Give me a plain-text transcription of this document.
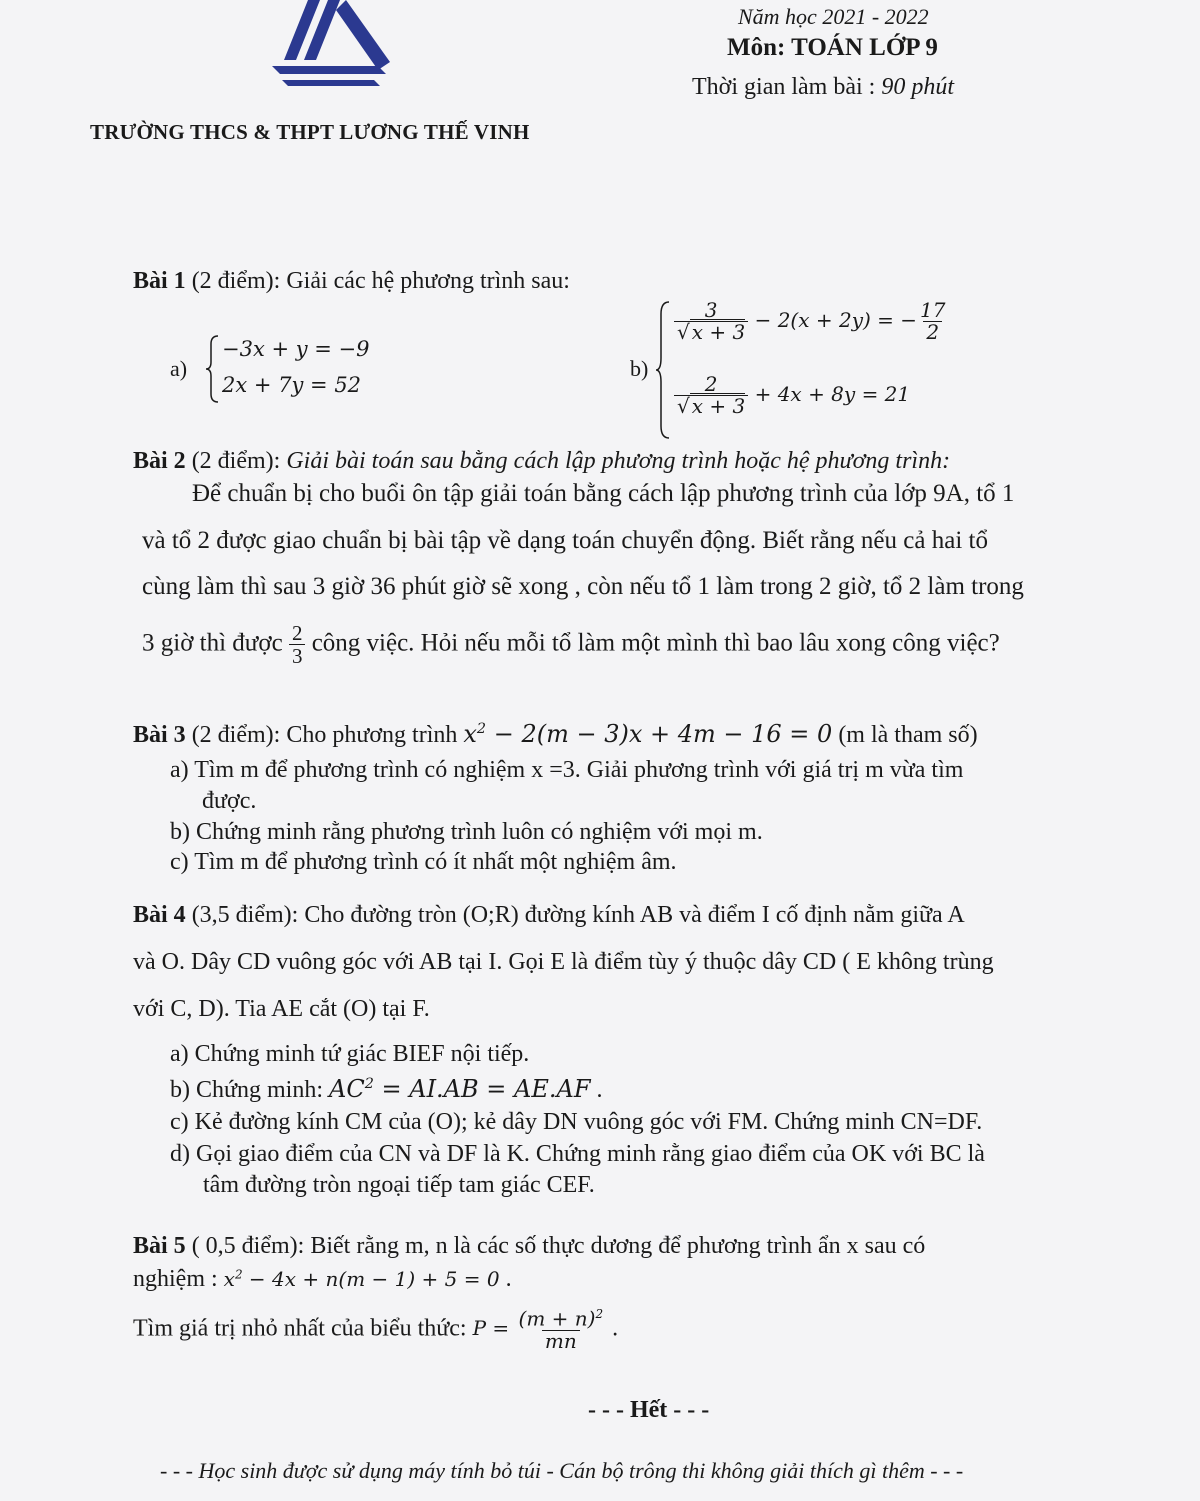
Năm học 2021 - 2022
Môn: TOÁN LỚP 9
Thời gian làm bài : 90 phút
TRƯỜNG THCS & THPT LƯƠNG THẾ VINH
Bài 1 (2 điểm): Giải các hệ phương trình sau:
a)
−3x + y = −9
2x + 7y = 52
b)
$\frac{3}{√ x + 3} - 2(x + 2y)$ = − $\frac{17}{2}$
$\frac{2}{√ x + 3} + 4x + 8y = 21$
Bài 2 (2 điểm): Giải bài toán sau bằng cách lập phương trình hoặc hệ phương trình:
Để chuẩn bị cho buổi ôn tập giải toán bằng cách lập phương trình của lớp 9A, tổ 1
và tổ 2 được giao chuẩn bị bài tập về dạng toán chuyển động. Biết rằng nếu cả hai tổ
cùng làm thì sau 3 giờ 36 phút giờ sẽ xong , còn nếu tổ 1 làm trong 2 giờ, tổ 2 làm trong
3 giờ thì được $\frac{2}{3}$ công việc. Hỏi nếu mỗi tổ làm một mình thì bao lâu xong công việc?
Bài 3 (2 điểm): Cho phương trình $x^2 - 2(m - 3)x + 4m - 16 = 0$ (m là tham số)
a) Tìm m để phương trình có nghiệm x =3. Giải phương trình với giá trị m vừa tìm
được.
b) Chứng minh rằng phương trình luôn có nghiệm với mọi m.
c) Tìm m để phương trình có ít nhất một nghiệm âm.
Bài 4 (3,5 điểm): Cho đường tròn (O;R) đường kính AB và điểm I cố định nằm giữa A
và O. Dây CD vuông góc với AB tại I. Gọi E là điểm tùy ý thuộc dây CD ( E không trùng
với C, D). Tia AE cắt (O) tại F.
a) Chứng minh tứ giác BIEF nội tiếp.
b) Chứng minh: $AC^2 = AI.AB = AE.AF$ .
c) Kẻ đường kính CM của (O); kẻ dây DN vuông góc với FM. Chứng minh CN=DF.
d) Gọi giao điểm của CN và DF là K. Chứng minh rằng giao điểm của OK với BC là
tâm đường tròn ngoại tiếp tam giác CEF.
Bài 5 ( 0,5 điểm): Biết rằng m, n là các số thực dương để phương trình ẩn x sau có
nghiệm : $x^2 - 4x + n(m - 1) + 5 = 0$ .
Tìm giá trị nhỏ nhất của biểu thức: $P = \frac{(m + n)^2}{mn}$ .
- - - Hết - - -
- - - Học sinh được sử dụng máy tính bỏ túi - Cán bộ trông thi không giải thích gì thêm - - -
